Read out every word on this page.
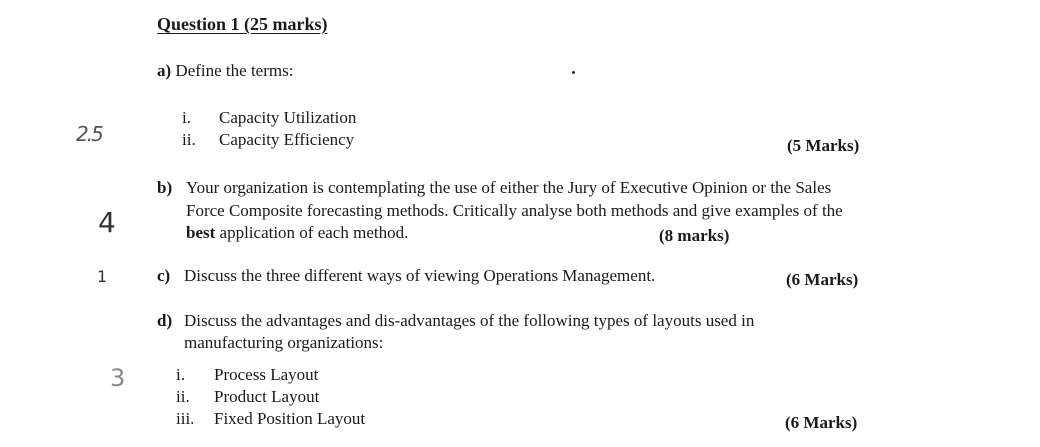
Question 1 (25 marks)
a) Define the terms:
i. Capacity Utilization
ii. Capacity Efficiency	(5 Marks)
b) Your organization is contemplating the use of either the Jury of Executive Opinion or the Sales
Force Composite forecasting methods. Critically analyse both methods and give examples of the
best application of each method.	(8 marks)
c) Discuss the three different ways of viewing Operations Management.	(6 Marks)
d) Discuss the advantages and dis-advantages of the following types of layouts used in
manufacturing organizations:
i. Process Layout
ii. Product Layout
iii. Fixed Position Layout	(6 Marks)
2.5
4
1
3
